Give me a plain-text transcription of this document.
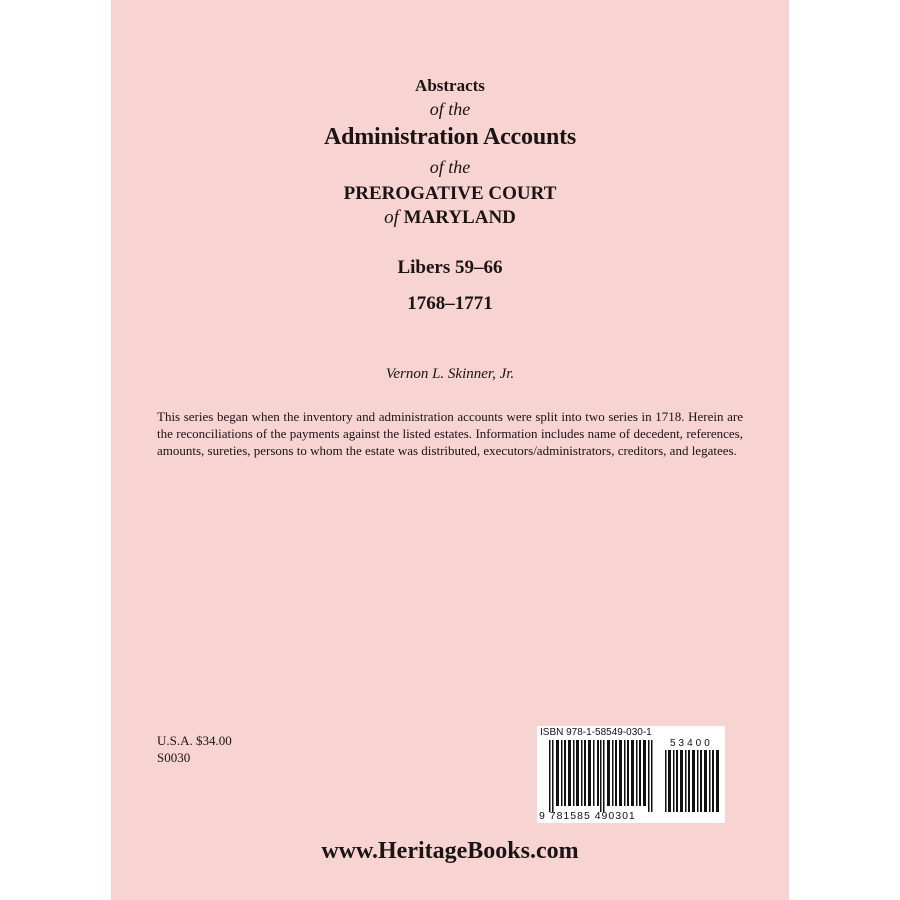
Abstracts
of the
Administration Accounts
of the
PREROGATIVE COURT
of MARYLAND
Libers 59–66
1768–1771
Vernon L. Skinner, Jr.
This series began when the inventory and administration accounts were split into two series in 1718. Herein are the reconciliations of the payments against the listed estates. Information includes name of decedent, references, amounts, sureties, persons to whom the estate was distributed, executors/administrators, creditors, and legatees.
U.S.A. $34.00
S0030
ISBN 978-1-58549-030-1
53400
9 781585 490301
www.HeritageBooks.com
